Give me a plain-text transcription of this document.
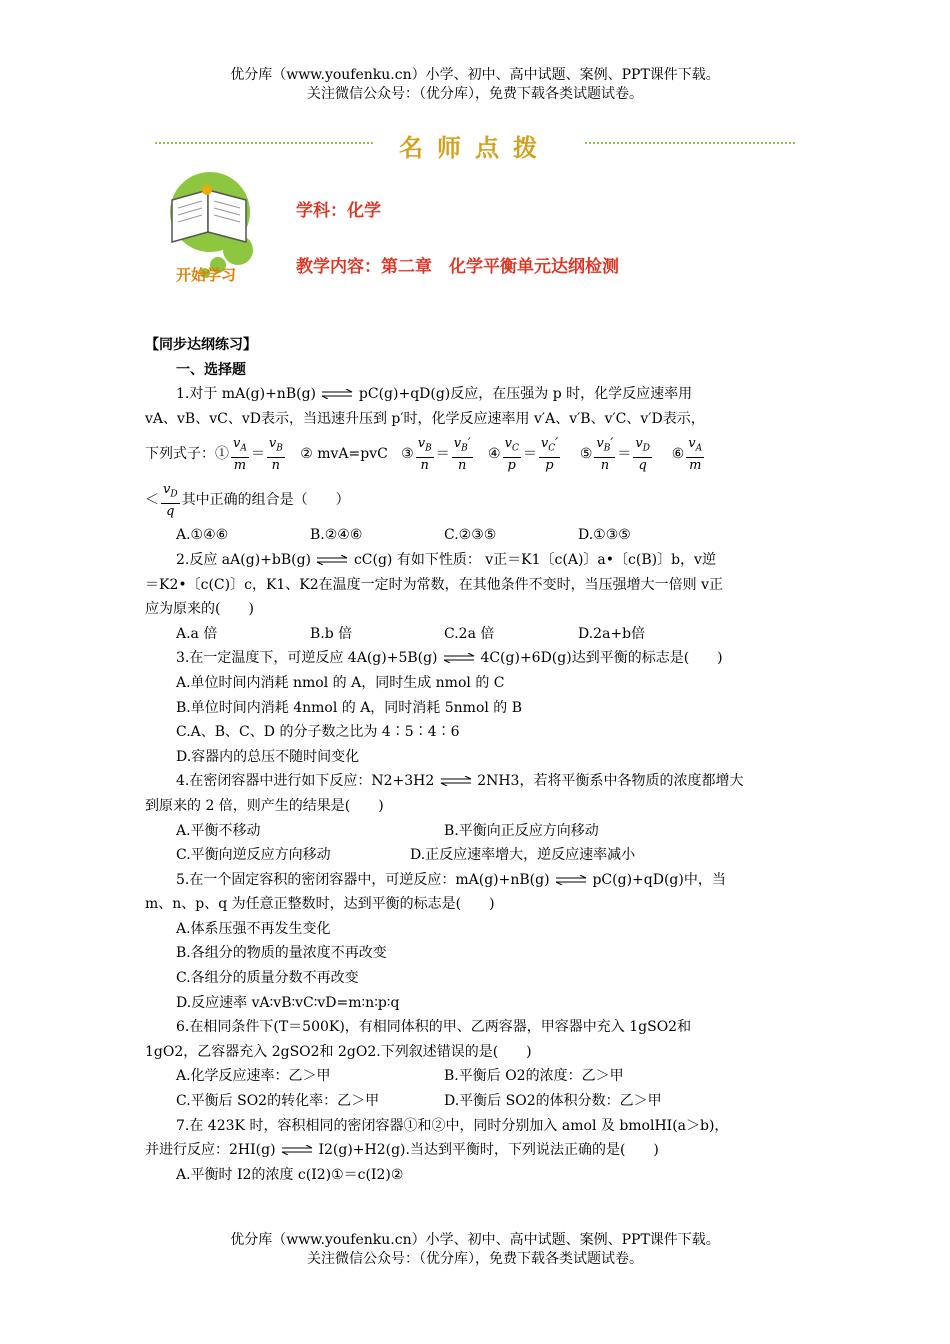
优分库（www.youfenku.cn）小学、初中、高中试题、案例、PPT课件下载。
关注微信公众号：（优分库），免费下载各类试题试卷。
名师点拨
开始学习
学科：化学
教学内容：第二章　化学平衡单元达纲检测

【同步达纲练习】

一、选择题

1.对于 mA(g)+nB(g) ⇌ pC(g)+qD(g)反应，在压强为 p 时，化学反应速率用

vA、vB、vC、vD表示，当迅速升压到 p′时，化学反应速率用 v′A、v′B、v′C、v′D表示，

下列式子：① $\frac{v_A}{m} = \frac{v_B}{n}$ ② mvA=pvC ③ $\frac{v_B}{n} = \frac{v_B'}{n}$ ④ $\frac{v_C}{p} = \frac{v_C'}{p}$ ⑤ $\frac{v_B'}{n} = \frac{v_D}{q}$ ⑥ $\frac{v_A}{m}$

＜ $\frac{v_D}{q}$ 其中正确的组合是（　　）

A.①④⑥	B.②④⑥	C.②③⑤	D.①③⑤

2.反应 aA(g)+bB(g) ⇌ cC(g) 有如下性质： v正＝K1〔c(A)〕a•〔c(B)〕b，v逆

＝K2•〔c(C)〕c，K1、K2在温度一定时为常数，在其他条件不变时，当压强增大一倍则 v正

应为原来的(　　)

A.a 倍	B.b 倍	C.2a 倍	D.2a+b倍

3.在一定温度下，可逆反应 4A(g)+5B(g) ⇌ 4C(g)+6D(g)达到平衡的标志是(　　)

A.单位时间内消耗 nmol 的 A，同时生成 nmol 的 C

B.单位时间内消耗 4nmol 的 A，同时消耗 5nmol 的 B

C.A、B、C、D 的分子数之比为 4∶5∶4∶6

D.容器内的总压不随时间变化

4.在密闭容器中进行如下反应：N2+3H2 ⇌ 2NH3，若将平衡系中各物质的浓度都增大

到原来的 2 倍，则产生的结果是(　　)

A.平衡不移动	B.平衡向正反应方向移动

C.平衡向逆反应方向移动	D.正反应速率增大，逆反应速率减小

5.在一个固定容积的密闭容器中，可逆反应：mA(g)+nB(g) ⇌ pC(g)+qD(g)中，当

m、n、p、q 为任意正整数时，达到平衡的标志是(　　)

A.体系压强不再发生变化

B.各组分的物质的量浓度不再改变

C.各组分的质量分数不再改变

D.反应速率 vA∶vB∶vC∶vD=m∶n∶p∶q

6.在相同条件下(T＝500K)，有相同体积的甲、乙两容器，甲容器中充入 1gSO2和

1gO2，乙容器充入 2gSO2和 2gO2.下列叙述错误的是(　　)

A.化学反应速率：乙＞甲	B.平衡后 O2的浓度：乙＞甲

C.平衡后 SO2的转化率：乙＞甲	D.平衡后 SO2的体积分数：乙＞甲

7.在 423K 时，容积相同的密闭容器①和②中，同时分别加入 amol 及 bmolHI(a＞b)，

并进行反应：2HI(g) ⇌ I2(g)+H2(g).当达到平衡时，下列说法正确的是(　　)

A.平衡时 I2的浓度 c(I2)①＝c(I2)②

优分库（www.youfenku.cn）小学、初中、高中试题、案例、PPT课件下载。
关注微信公众号：（优分库），免费下载各类试题试卷。
